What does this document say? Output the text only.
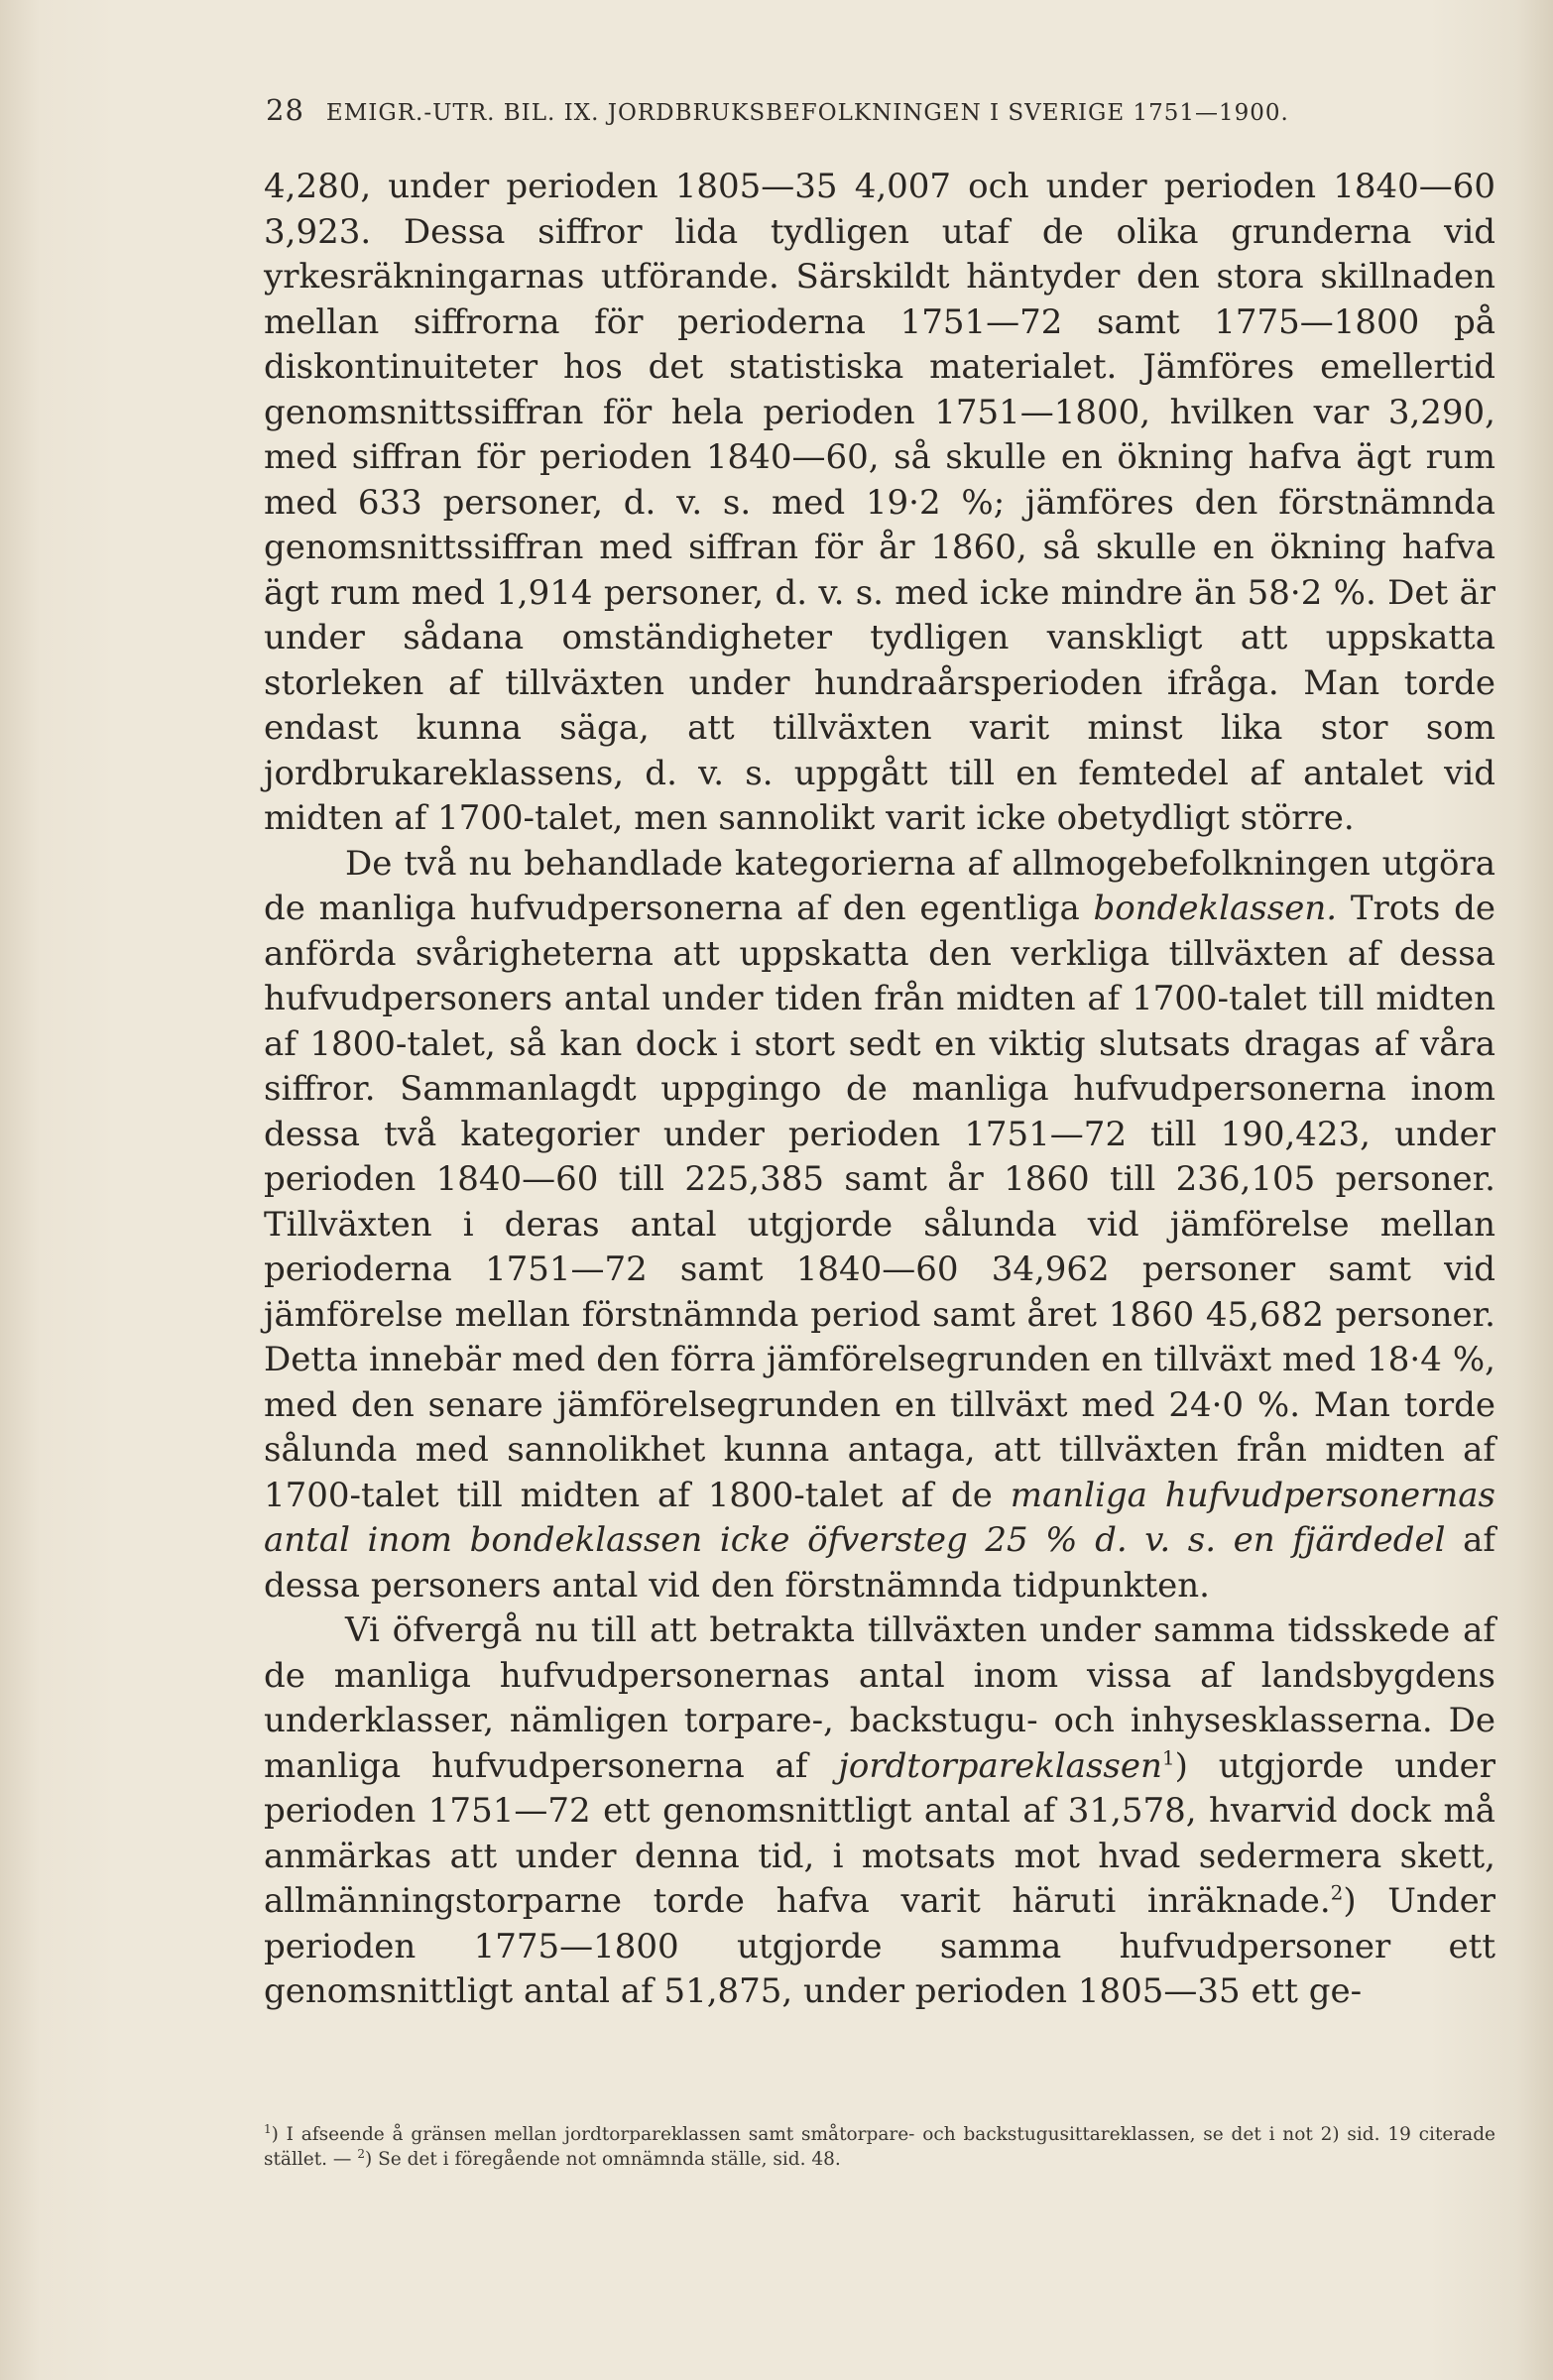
28 EMIGR.-UTR. BIL. IX. JORDBRUKSBEFOLKNINGEN I SVERIGE 1751—1900.

4,280, under perioden 1805—35 4,007 och under perioden 1840—60 3,923. Dessa siffror lida tydligen utaf de olika grunderna vid yrkesräkningarnas utförande. Särskildt häntyder den stora skillnaden mellan siffrorna för perioderna 1751—72 samt 1775—1800 på diskontinuiteter hos det statistiska materialet. Jämföres emellertid genomsnittssiffran för hela perioden 1751—1800, hvilken var 3,290, med siffran för perioden 1840—60, så skulle en ökning hafva ägt rum med 633 personer, d. v. s. med 19·2 %; jämföres den förstnämnda genomsnittssiffran med siffran för år 1860, så skulle en ökning hafva ägt rum med 1,914 personer, d. v. s. med icke mindre än 58·2 %. Det är under sådana omständigheter tydligen vanskligt att uppskatta storleken af tillväxten under hundraårsperioden ifråga. Man torde endast kunna säga, att tillväxten varit minst lika stor som jordbrukareklassens, d. v. s. uppgått till en femtedel af antalet vid midten af 1700-talet, men sannolikt varit icke obetydligt större.

De två nu behandlade kategorierna af allmogebefolkningen utgöra de manliga hufvudpersonerna af den egentliga bondeklassen. Trots de anförda svårigheterna att uppskatta den verkliga tillväxten af dessa hufvudpersoners antal under tiden från midten af 1700-talet till midten af 1800-talet, så kan dock i stort sedt en viktig slutsats dragas af våra siffror. Sammanlagdt uppgingo de manliga hufvudpersonerna inom dessa två kategorier under perioden 1751—72 till 190,423, under perioden 1840—60 till 225,385 samt år 1860 till 236,105 personer. Tillväxten i deras antal utgjorde sålunda vid jämförelse mellan perioderna 1751—72 samt 1840—60 34,962 personer samt vid jämförelse mellan förstnämnda period samt året 1860 45,682 personer. Detta innebär med den förra jämförelsegrunden en tillväxt med 18·4 %, med den senare jämförelsegrunden en tillväxt med 24·0 %. Man torde sålunda med sannolikhet kunna antaga, att tillväxten från midten af 1700-talet till midten af 1800-talet af de manliga hufvudpersonernas antal inom bondeklassen icke öfversteg 25 % d. v. s. en fjärdedel af dessa personers antal vid den förstnämnda tidpunkten.

Vi öfvergå nu till att betrakta tillväxten under samma tidsskede af de manliga hufvudpersonernas antal inom vissa af landsbygdens underklasser, nämligen torpare-, backstugu- och inhysesklasserna. De manliga hufvudpersonerna af jordtorpareklassen$^1$) utgjorde under perioden 1751—72 ett genomsnittligt antal af 31,578, hvarvid dock må anmärkas att under denna tid, i motsats mot hvad sedermera skett, allmänningstorparne torde hafva varit häruti inräknade.$^2$) Under perioden 1775—1800 utgjorde samma hufvudpersoner ett genomsnittligt antal af 51,875, under perioden 1805—35 ett ge-

$^1$) I afseende å gränsen mellan jordtorpareklassen samt småtorpare- och backstugusittareklassen, se det i not 2) sid. 19 citerade stället. — $^2$) Se det i föregående not omnämnda ställe, sid. 48.
